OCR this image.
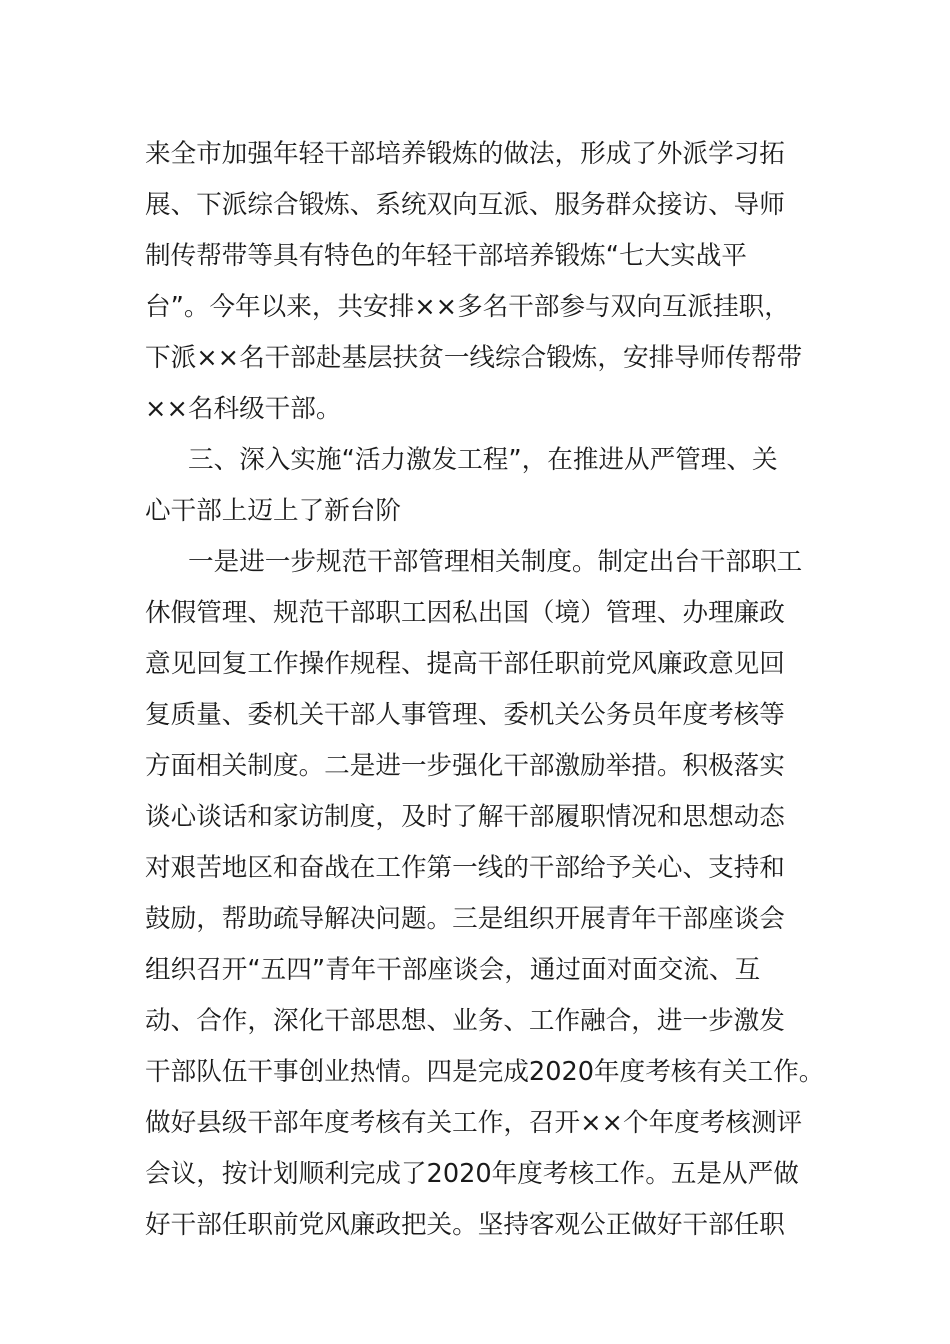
来全市加强年轻干部培养锻炼的做法，形成了外派学习拓
展、下派综合锻炼、系统双向互派、服务群众接访、导师
制传帮带等具有特色的年轻干部培养锻炼“七大实战平
台”。今年以来，共安排××多名干部参与双向互派挂职，
下派××名干部赴基层扶贫一线综合锻炼，安排导师传帮带
××名科级干部。
三、深入实施“活力激发工程”，在推进从严管理、关
心干部上迈上了新台阶
一是进一步规范干部管理相关制度。制定出台干部职工
休假管理、规范干部职工因私出国（境）管理、办理廉政
意见回复工作操作规程、提高干部任职前党风廉政意见回
复质量、委机关干部人事管理、委机关公务员年度考核等
方面相关制度。二是进一步强化干部激励举措。积极落实
谈心谈话和家访制度，及时了解干部履职情况和思想动态
对艰苦地区和奋战在工作第一线的干部给予关心、支持和
鼓励，帮助疏导解决问题。三是组织开展青年干部座谈会
组织召开“五四”青年干部座谈会，通过面对面交流、互
动、合作，深化干部思想、业务、工作融合，进一步激发
干部队伍干事创业热情。四是完成2020年度考核有关工作。
做好县级干部年度考核有关工作，召开××个年度考核测评
会议，按计划顺利完成了2020年度考核工作。五是从严做
好干部任职前党风廉政把关。坚持客观公正做好干部任职
